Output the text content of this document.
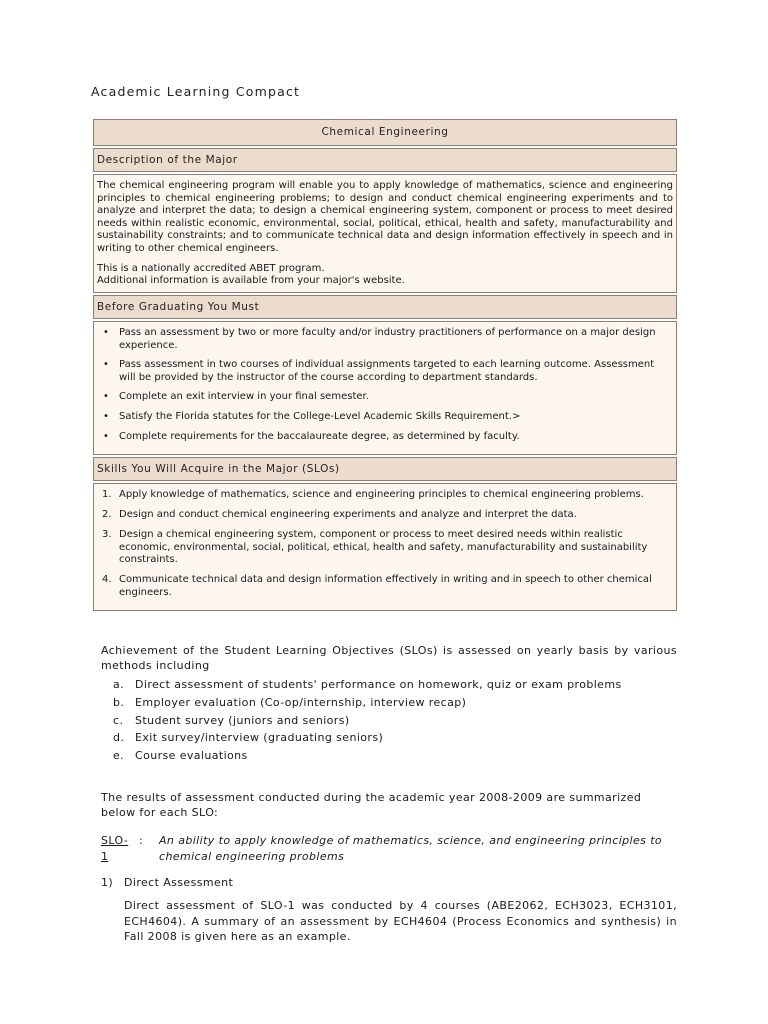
Academic Learning Compact
Chemical Engineering
Description of the Major

The chemical engineering program will enable you to apply knowledge of mathematics, science and engineering principles to chemical engineering problems; to design and conduct chemical engineering experiments and to analyze and interpret the data; to design a chemical engineering system, component or process to meet desired needs within realistic economic, environmental, social, political, ethical, health and safety, manufacturability and sustainability constraints; and to communicate technical data and design information effectively in speech and in writing to other chemical engineers.

This is a nationally accredited ABET program.
Additional information is available from your major's website.

Before Graduating You Must
• Pass an assessment by two or more faculty and/or industry practitioners of performance on a major design experience.
• Pass assessment in two courses of individual assignments targeted to each learning outcome. Assessment will be provided by the instructor of the course according to department standards.
• Complete an exit interview in your final semester.
• Satisfy the Florida statutes for the College-Level Academic Skills Requirement.>
• Complete requirements for the baccalaureate degree, as determined by faculty.
Skills You Will Acquire in the Major (SLOs)
1. Apply knowledge of mathematics, science and engineering principles to chemical engineering problems.
2. Design and conduct chemical engineering experiments and analyze and interpret the data.
3. Design a chemical engineering system, component or process to meet desired needs within realistic economic, environmental, social, political, ethical, health and safety, manufacturability and sustainability constraints.
4. Communicate technical data and design information effectively in writing and in speech to other chemical engineers.
Achievement of the Student Learning Objectives (SLOs) is assessed on yearly basis by various methods including
a. Direct assessment of students' performance on homework, quiz or exam problems
b. Employer evaluation (Co-op/internship, interview recap)
c. Student survey (juniors and seniors)
d. Exit survey/interview (graduating seniors)
e. Course evaluations
The results of assessment conducted during the academic year 2008-2009 are summarized below for each SLO:
SLO-1
: An ability to apply knowledge of mathematics, science, and engineering principles to chemical engineering problems
1) Direct Assessment
Direct assessment of SLO-1 was conducted by 4 courses (ABE2062, ECH3023, ECH3101, ECH4604). A summary of an assessment by ECH4604 (Process Economics and synthesis) in Fall 2008 is given here as an example.
